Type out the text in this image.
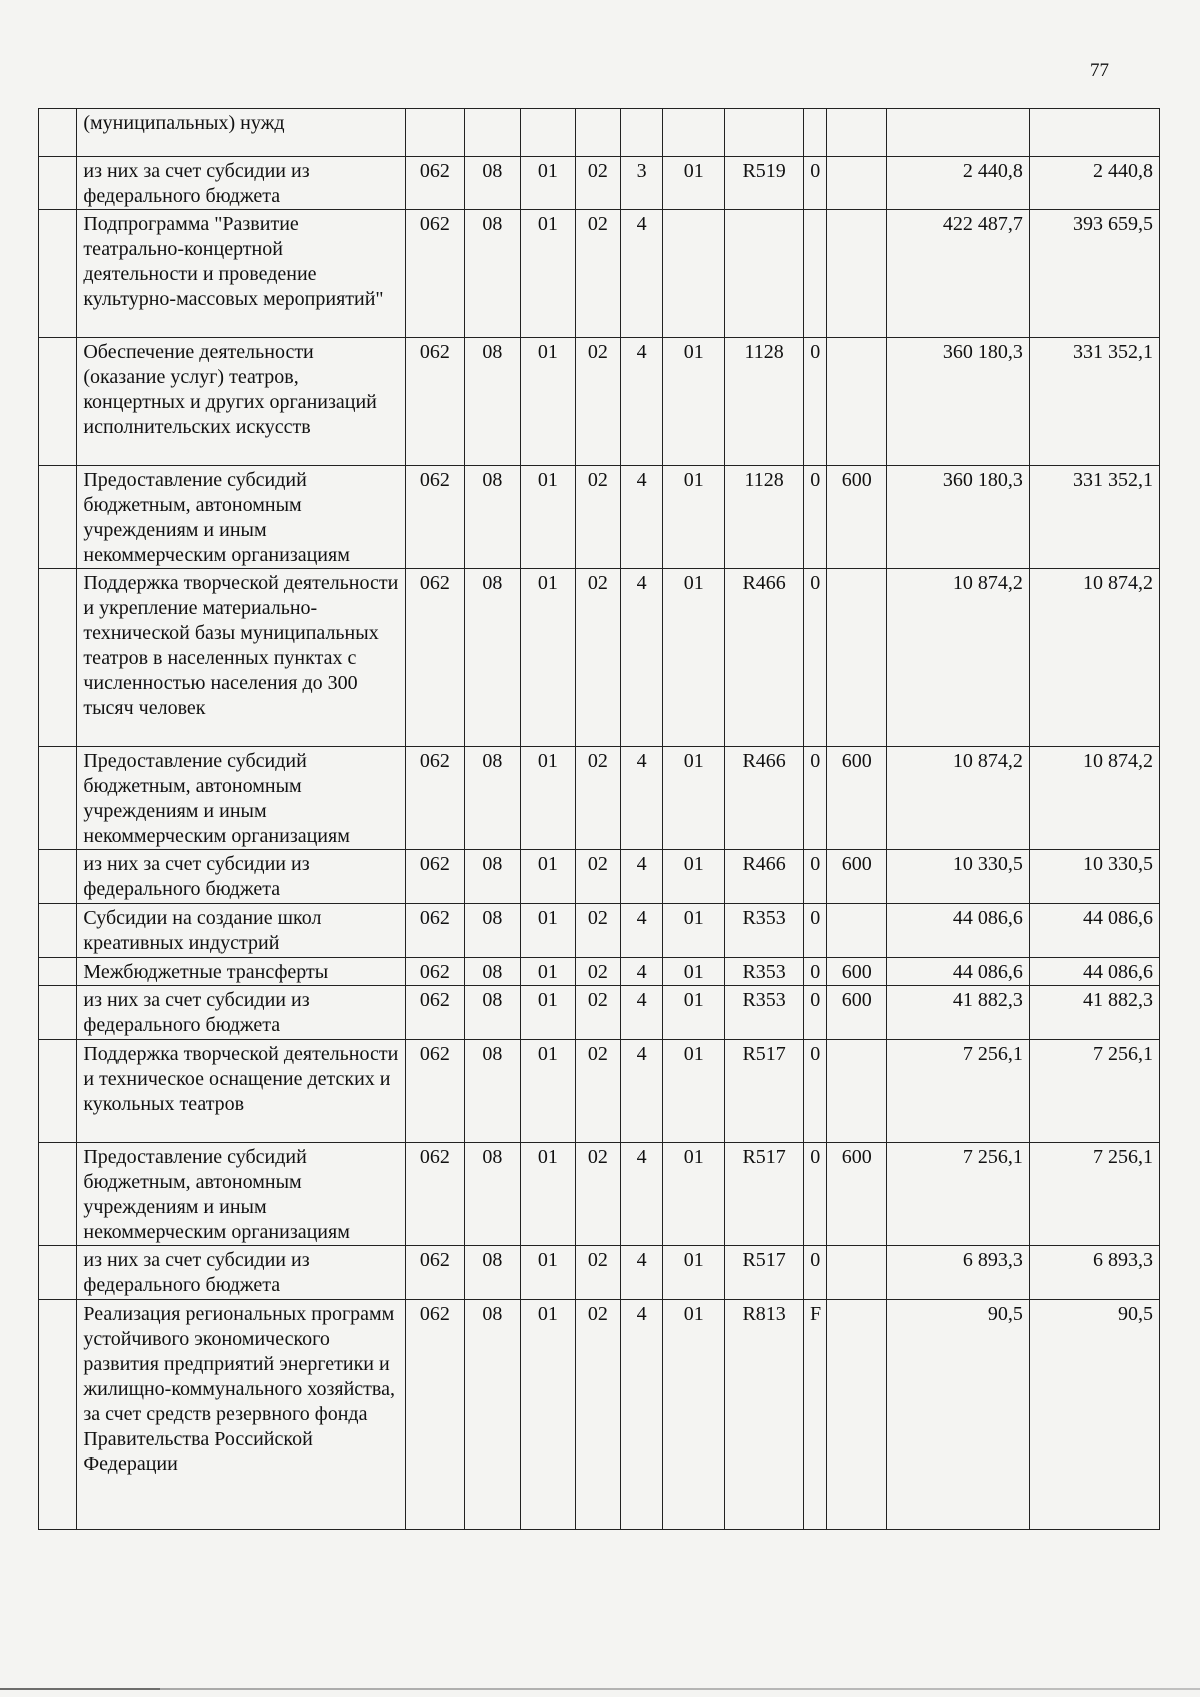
77
	(муниципальных) нужд											
	из них за счет субсидии из федерального бюджета	062	08	01	02	3	01	R519	0		2 440,8	2 440,8
	Подпрограмма "Развитие театрально-концертной деятельности и проведение культурно-массовых мероприятий"	062	08	01	02	4					422 487,7	393 659,5
	Обеспечение деятельности (оказание услуг) театров, концертных и других организаций исполнительских искусств	062	08	01	02	4	01	1128	0		360 180,3	331 352,1
	Предоставление субсидий бюджетным, автономным учреждениям и иным некоммерческим организациям	062	08	01	02	4	01	1128	0	600	360 180,3	331 352,1
	Поддержка творческой деятельности и укрепление материально-технической базы муниципальных театров в населенных пунктах с численностью населения до 300 тысяч человек	062	08	01	02	4	01	R466	0		10 874,2	10 874,2
	Предоставление субсидий бюджетным, автономным учреждениям и иным некоммерческим организациям	062	08	01	02	4	01	R466	0	600	10 874,2	10 874,2
	из них за счет субсидии из федерального бюджета	062	08	01	02	4	01	R466	0	600	10 330,5	10 330,5
	Субсидии на создание школ креативных индустрий	062	08	01	02	4	01	R353	0		44 086,6	44 086,6
	Межбюджетные трансферты	062	08	01	02	4	01	R353	0	600	44 086,6	44 086,6
	из них за счет субсидии из федерального бюджета	062	08	01	02	4	01	R353	0	600	41 882,3	41 882,3
	Поддержка творческой деятельности и техническое оснащение детских и кукольных театров	062	08	01	02	4	01	R517	0		7 256,1	7 256,1
	Предоставление субсидий бюджетным, автономным учреждениям и иным некоммерческим организациям	062	08	01	02	4	01	R517	0	600	7 256,1	7 256,1
	из них за счет субсидии из федерального бюджета	062	08	01	02	4	01	R517	0		6 893,3	6 893,3
	Реализация региональных программ устойчивого экономического развития предприятий энергетики и жилищно-коммунального хозяйства, за счет средств резервного фонда Правительства Российской Федерации	062	08	01	02	4	01	R813	F		90,5	90,5
